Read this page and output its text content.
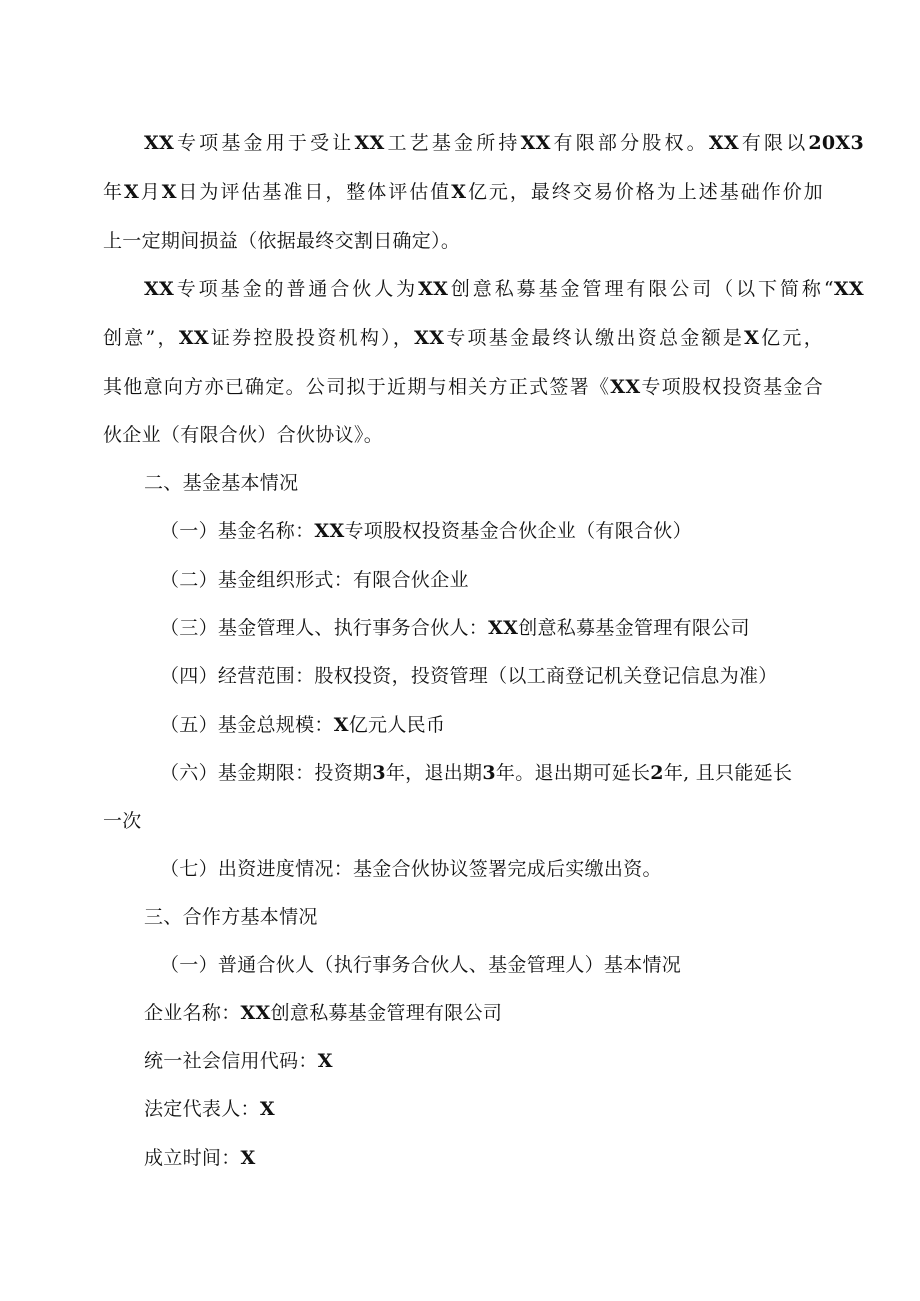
XX专项基金用于受让XX工艺基金所持XX有限部分股权。XX有限以20X3
年X月X日为评估基准日，整体评估值X亿元，最终交易价格为上述基础作价加
上一定期间损益（依据最终交割日确定）。
XX专项基金的普通合伙人为XX创意私募基金管理有限公司（以下简称“XX
创意”，XX证券控股投资机构），XX专项基金最终认缴出资总金额是X亿元，
其他意向方亦已确定。公司拟于近期与相关方正式签署《XX专项股权投资基金合
伙企业（有限合伙）合伙协议》。
二、基金基本情况
（一）基金名称：XX专项股权投资基金合伙企业（有限合伙）
（二）基金组织形式：有限合伙企业
（三）基金管理人、执行事务合伙人：XX创意私募基金管理有限公司
（四）经营范围：股权投资，投资管理（以工商登记机关登记信息为准）
（五）基金总规模：X亿元人民币
（六）基金期限：投资期3年，退出期3年。退出期可延长2年, 且只能延长
一次
（七）出资进度情况：基金合伙协议签署完成后实缴出资。
三、合作方基本情况
（一）普通合伙人（执行事务合伙人、基金管理人）基本情况
企业名称：XX创意私募基金管理有限公司
统一社会信用代码：X
法定代表人：X
成立时间：X
